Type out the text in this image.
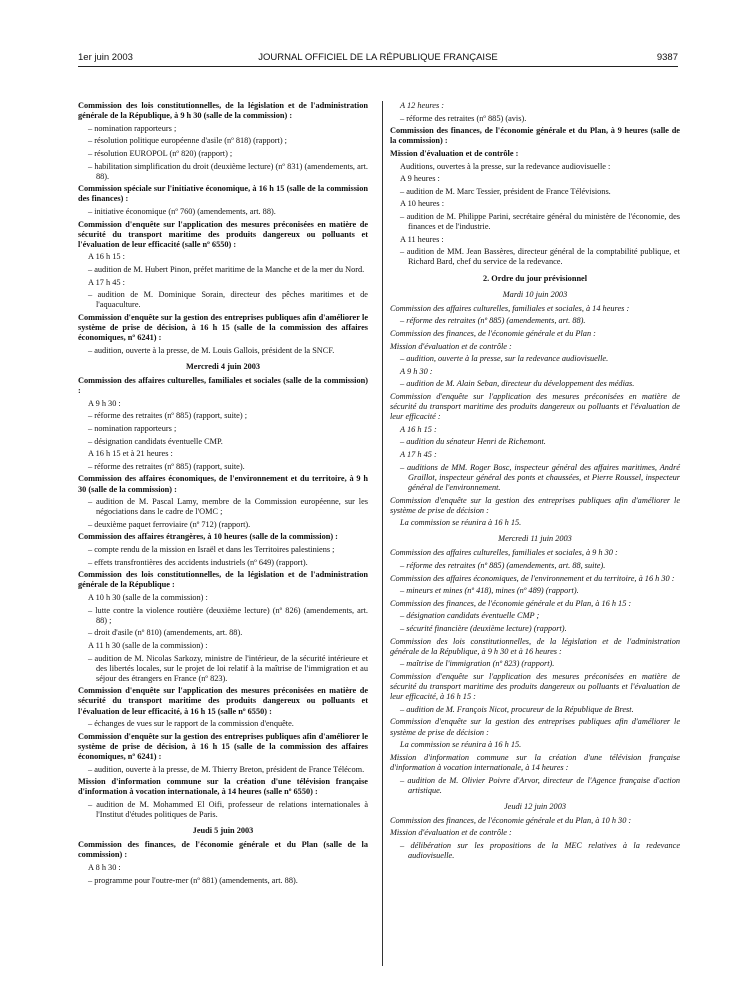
1er juin 2003	JOURNAL OFFICIEL DE LA RÉPUBLIQUE FRANÇAISE	9387

Commission des lois constitutionnelles, de la législation et de l'administration générale de la République, à 9 h 30 (salle de la commission) :

– nomination rapporteurs ;

– résolution politique européenne d'asile (nº 818) (rapport) ;

– résolution EUROPOL (nº 820) (rapport) ;

– habilitation simplification du droit (deuxième lecture) (nº 831) (amendements, art. 88).

Commission spéciale sur l'initiative économique, à 16 h 15 (salle de la commission des finances) :

– initiative économique (nº 760) (amendements, art. 88).

Commission d'enquête sur l'application des mesures préconisées en matière de sécurité du transport maritime des produits dangereux ou polluants et l'évaluation de leur efficacité (salle nº 6550) :

A 16 h 15 :

– audition de M. Hubert Pinon, préfet maritime de la Manche et de la mer du Nord.

A 17 h 45 :

– audition de M. Dominique Sorain, directeur des pêches maritimes et de l'aquaculture.

Commission d'enquête sur la gestion des entreprises publiques afin d'améliorer le système de prise de décision, à 16 h 15 (salle de la commission des affaires économiques, nº 6241) :

– audition, ouverte à la presse, de M. Louis Gallois, président de la SNCF.

Mercredi 4 juin 2003

Commission des affaires culturelles, familiales et sociales (salle de la commission) :

A 9 h 30 :

– réforme des retraites (nº 885) (rapport, suite) ;

– nomination rapporteurs ;

– désignation candidats éventuelle CMP.

A 16 h 15 et à 21 heures :

– réforme des retraites (nº 885) (rapport, suite).

Commission des affaires économiques, de l'environnement et du territoire, à 9 h 30 (salle de la commission) :

– audition de M. Pascal Lamy, membre de la Commission européenne, sur les négociations dans le cadre de l'OMC ;

– deuxième paquet ferroviaire (nº 712) (rapport).

Commission des affaires étrangères, à 10 heures (salle de la commission) :

– compte rendu de la mission en Israël et dans les Territoires palestiniens ;

– effets transfrontières des accidents industriels (nº 649) (rapport).

Commission des lois constitutionnelles, de la législation et de l'administration générale de la République :

A 10 h 30 (salle de la commission) :

– lutte contre la violence routière (deuxième lecture) (nº 826) (amendements, art. 88) ;

– droit d'asile (nº 810) (amendements, art. 88).

A 11 h 30 (salle de la commission) :

– audition de M. Nicolas Sarkozy, ministre de l'intérieur, de la sécurité intérieure et des libertés locales, sur le projet de loi relatif à la maîtrise de l'immigration et au séjour des étrangers en France (nº 823).

Commission d'enquête sur l'application des mesures préconisées en matière de sécurité du transport maritime des produits dangereux ou polluants et l'évaluation de leur efficacité, à 16 h 15 (salle nº 6550) :

– échanges de vues sur le rapport de la commission d'enquête.

Commission d'enquête sur la gestion des entreprises publiques afin d'améliorer le système de prise de décision, à 16 h 15 (salle de la commission des affaires économiques, nº 6241) :

– audition, ouverte à la presse, de M. Thierry Breton, président de France Télécom.

Mission d'information commune sur la création d'une télévision française d'information à vocation internationale, à 14 heures (salle nº 6550) :

– audition de M. Mohammed El Oifi, professeur de relations internationales à l'Institut d'études politiques de Paris.

Jeudi 5 juin 2003

Commission des finances, de l'économie générale et du Plan (salle de la commission) :

A 8 h 30 :

– programme pour l'outre-mer (nº 881) (amendements, art. 88).

A 12 heures :

– réforme des retraites (nº 885) (avis).

Commission des finances, de l'économie générale et du Plan, à 9 heures (salle de la commission) :

Mission d'évaluation et de contrôle :

Auditions, ouvertes à la presse, sur la redevance audiovisuelle :

A 9 heures :

– audition de M. Marc Tessier, président de France Télévisions.

A 10 heures :

– audition de M. Philippe Parini, secrétaire général du ministère de l'économie, des finances et de l'industrie.

A 11 heures :

– audition de MM. Jean Bassères, directeur général de la comptabilité publique, et Richard Bard, chef du service de la redevance.

2. Ordre du jour prévisionnel

Mardi 10 juin 2003

Commission des affaires culturelles, familiales et sociales, à 14 heures :

– réforme des retraites (nº 885) (amendements, art. 88).

Commission des finances, de l'économie générale et du Plan :

Mission d'évaluation et de contrôle :

– audition, ouverte à la presse, sur la redevance audiovisuelle.

A 9 h 30 :

– audition de M. Alain Seban, directeur du développement des médias.

Commission d'enquête sur l'application des mesures préconisées en matière de sécurité du transport maritime des produits dangereux ou polluants et l'évaluation de leur efficacité :

A 16 h 15 :

– audition du sénateur Henri de Richemont.

A 17 h 45 :

– auditions de MM. Roger Bosc, inspecteur général des affaires maritimes, André Graillot, inspecteur général des ponts et chaussées, et Pierre Roussel, inspecteur général de l'environnement.

Commission d'enquête sur la gestion des entreprises publiques afin d'améliorer le système de prise de décision :

La commission se réunira à 16 h 15.

Mercredi 11 juin 2003

Commission des affaires culturelles, familiales et sociales, à 9 h 30 :

– réforme des retraites (nº 885) (amendements, art. 88, suite).

Commission des affaires économiques, de l'environnement et du territoire, à 16 h 30 :

– mineurs et mines (nº 418), mines (nº 489) (rapport).

Commission des finances, de l'économie générale et du Plan, à 16 h 15 :

– désignation candidats éventuelle CMP ;

– sécurité financière (deuxième lecture) (rapport).

Commission des lois constitutionnelles, de la législation et de l'administration générale de la République, à 9 h 30 et à 16 heures :

– maîtrise de l'immigration (nº 823) (rapport).

Commission d'enquête sur l'application des mesures préconisées en matière de sécurité du transport maritime des produits dangereux ou polluants et l'évaluation de leur efficacité, à 16 h 15 :

– audition de M. François Nicot, procureur de la République de Brest.

Commission d'enquête sur la gestion des entreprises publiques afin d'améliorer le système de prise de décision :

La commission se réunira à 16 h 15.

Mission d'information commune sur la création d'une télévision française d'information à vocation internationale, à 14 heures :

– audition de M. Olivier Poivre d'Arvor, directeur de l'Agence française d'action artistique.

Jeudi 12 juin 2003

Commission des finances, de l'économie générale et du Plan, à 10 h 30 :

Mission d'évaluation et de contrôle :

– délibération sur les propositions de la MEC relatives à la redevance audiovisuelle.
